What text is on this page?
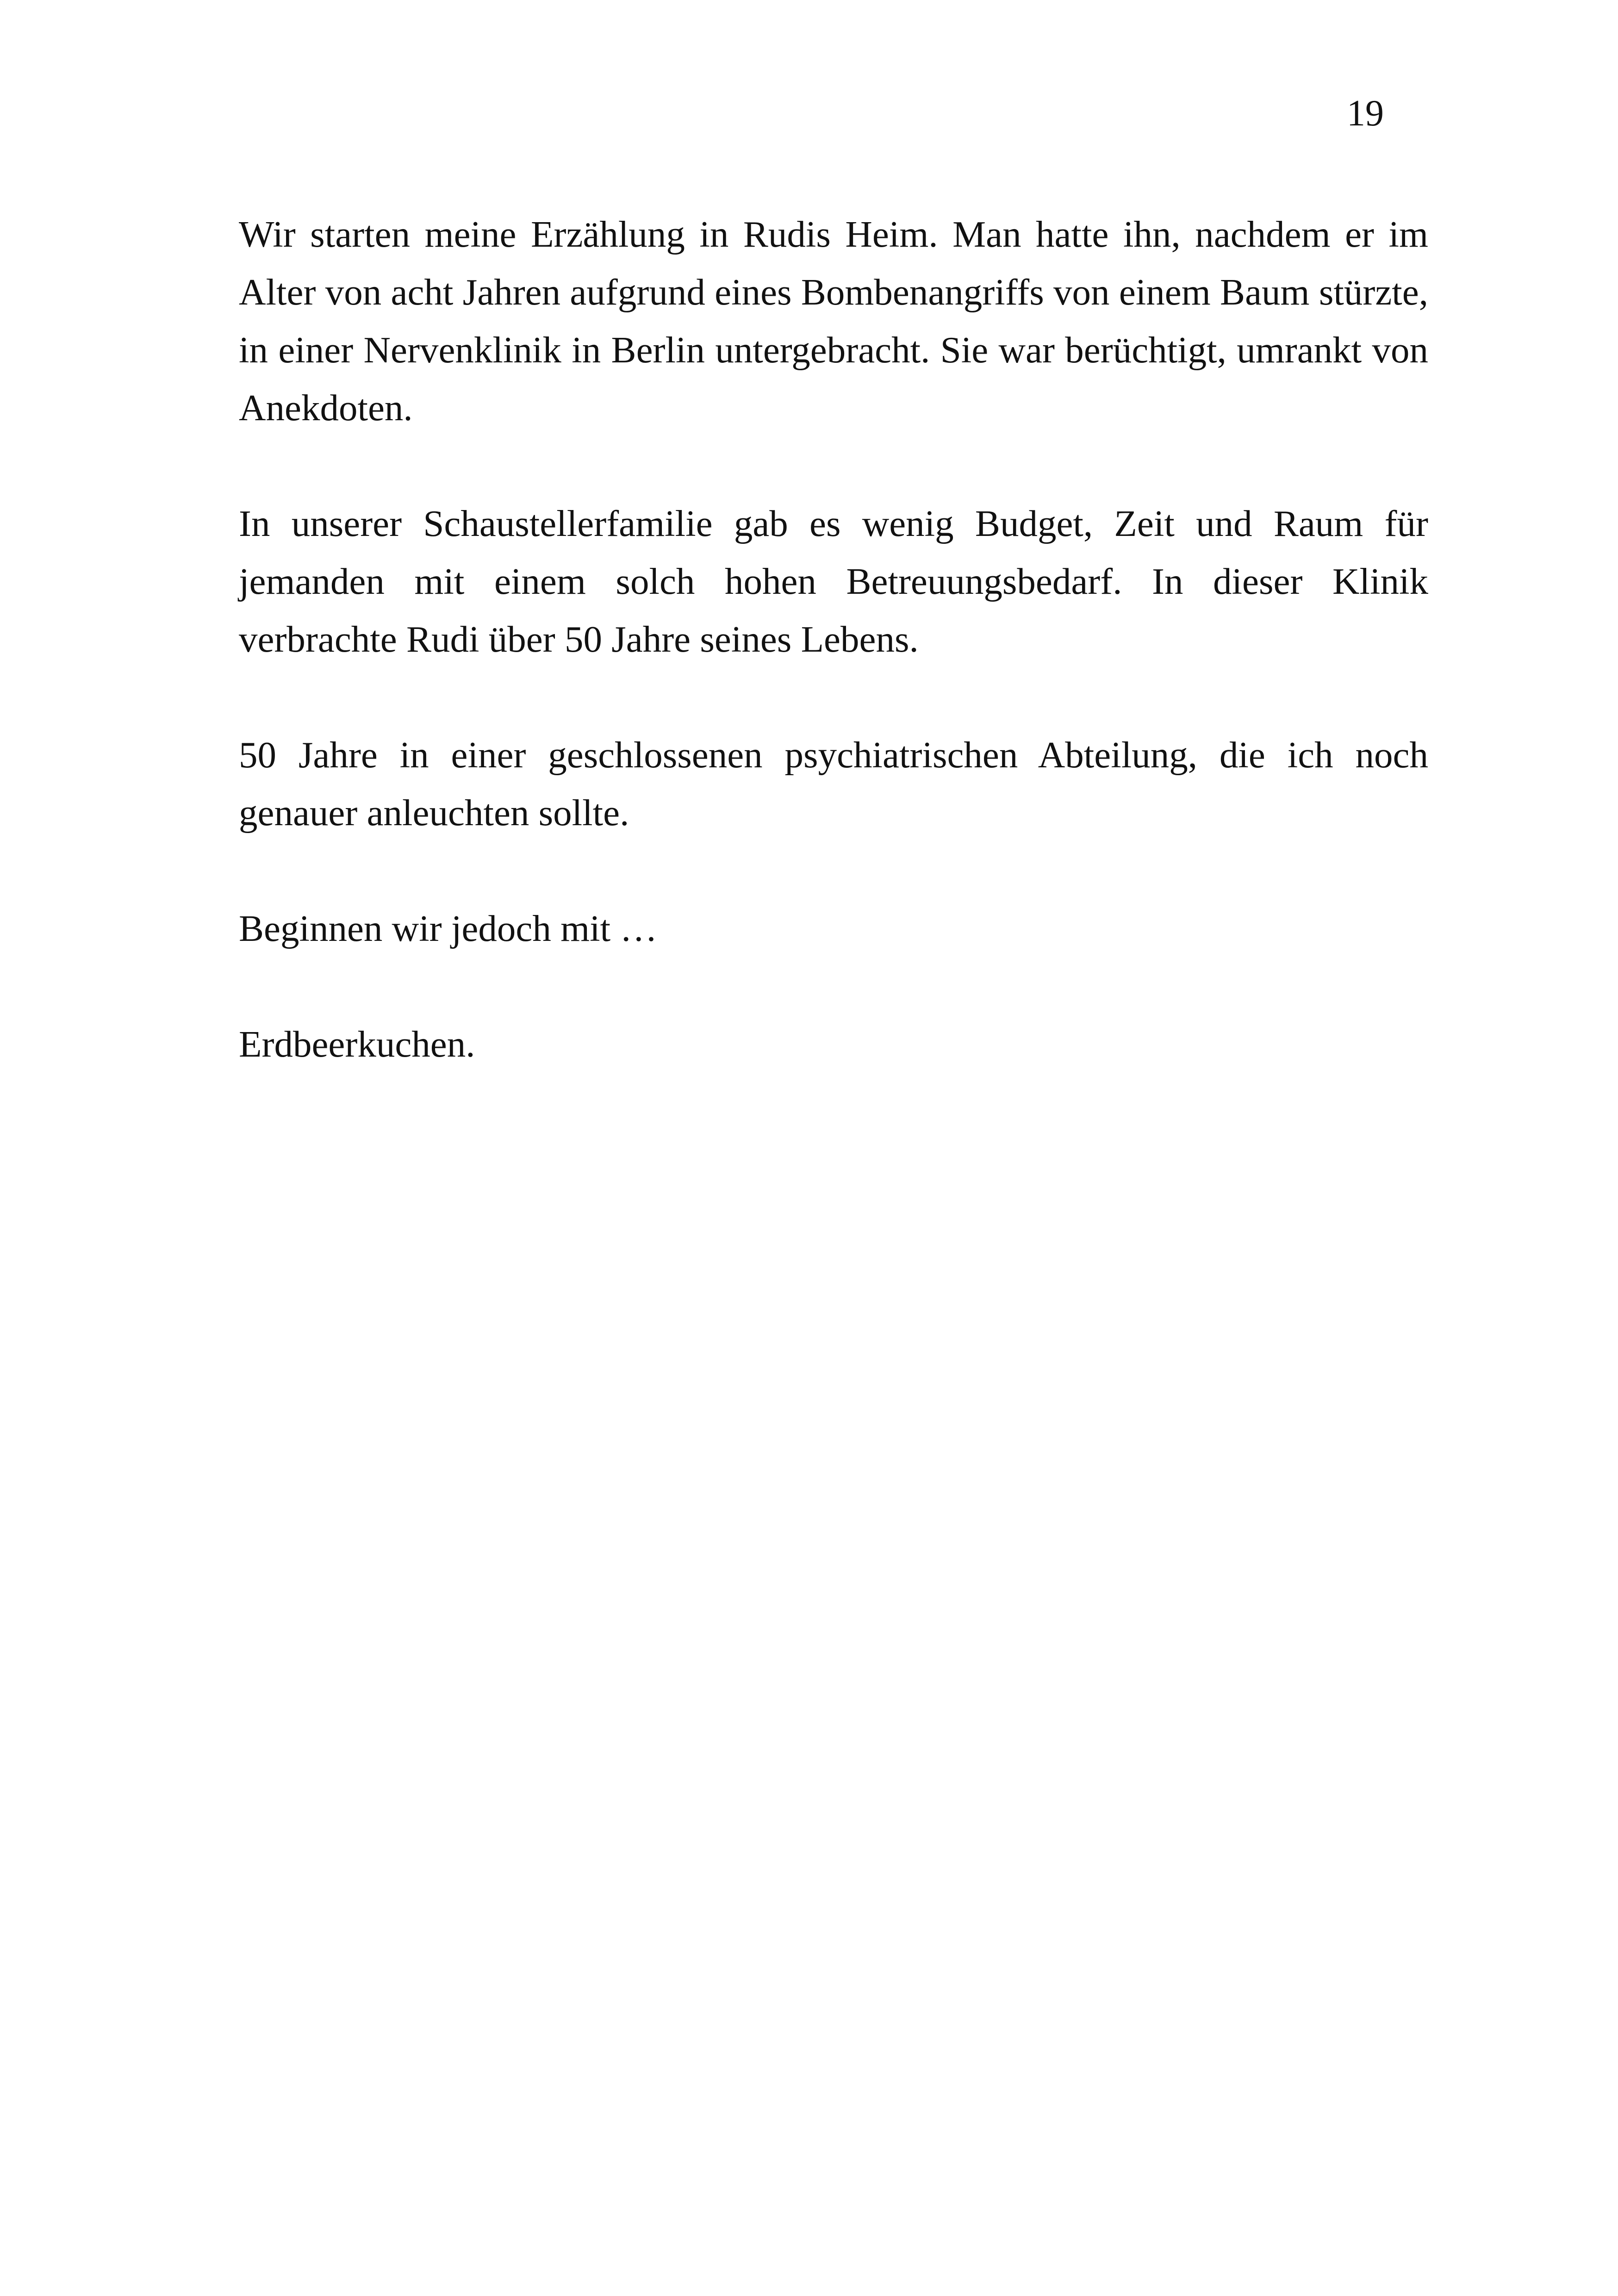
19

Wir starten meine Erzählung in Rudis Heim. Man hatte ihn, nachdem er im Alter von acht Jahren aufgrund eines Bombenangriffs von einem Baum stürzte, in einer Nervenklinik in Berlin untergebracht. Sie war berüchtigt, umrankt von Anekdoten.

In unserer Schaustellerfamilie gab es wenig Budget, Zeit und Raum für jemanden mit einem solch hohen Betreuungsbedarf. In dieser Klinik verbrachte Rudi über 50 Jahre seines Lebens.

50 Jahre in einer geschlossenen psychiatrischen Abteilung, die ich noch genauer anleuchten sollte.

Beginnen wir jedoch mit …

Erdbeerkuchen.
